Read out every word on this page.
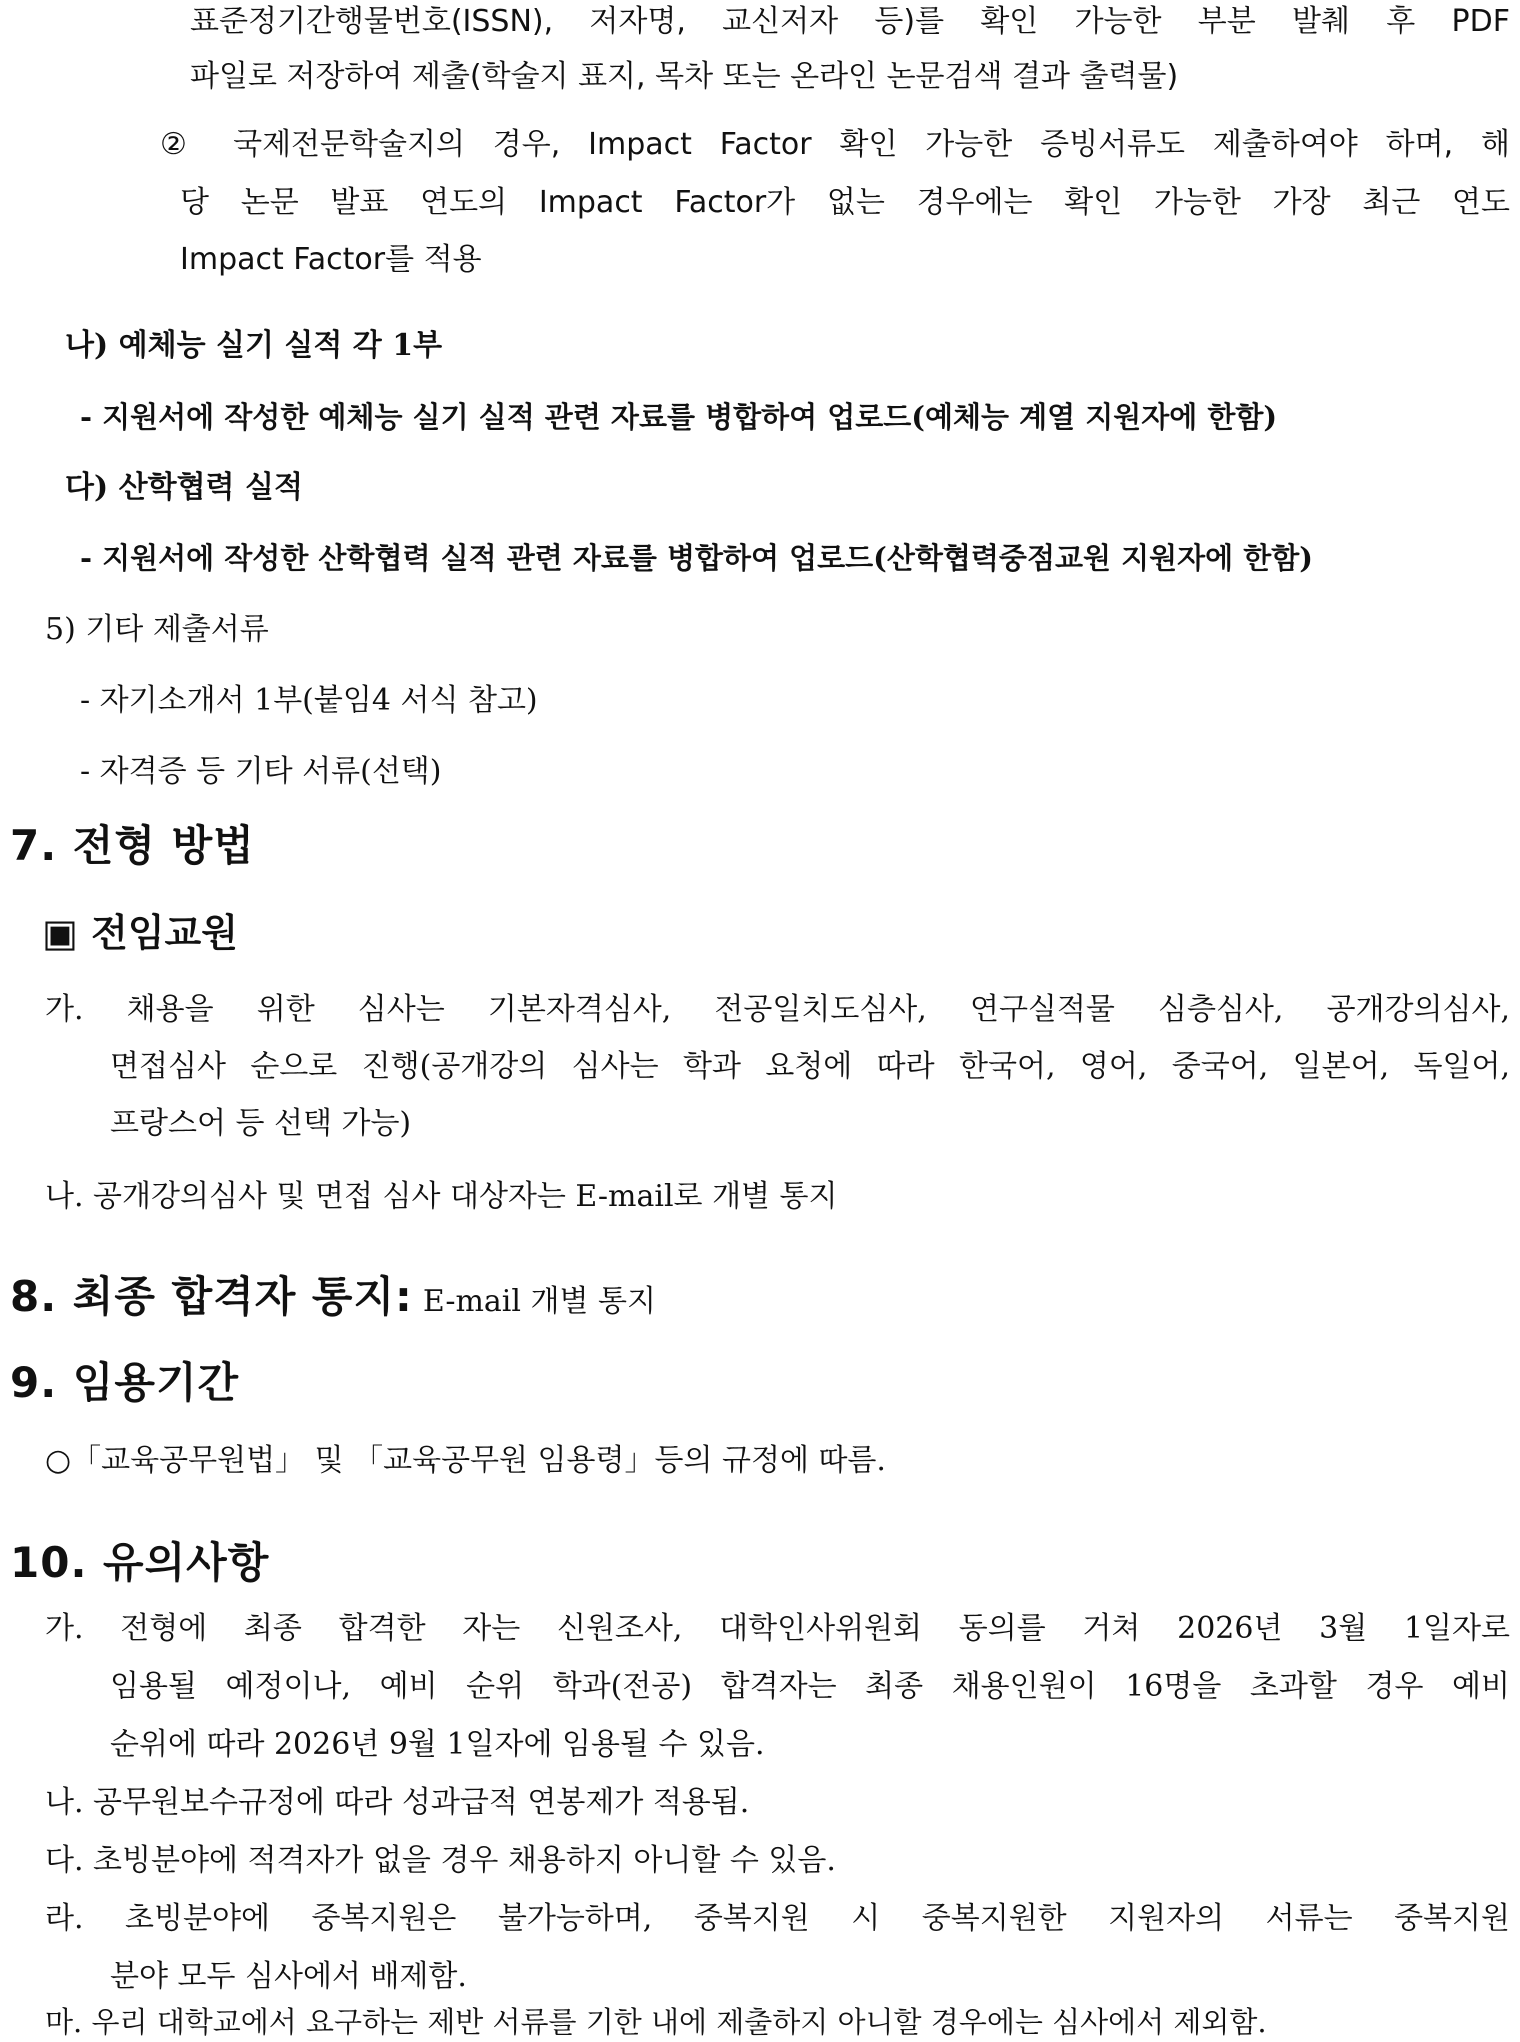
표준정기간행물번호(ISSN), 저자명, 교신저자 등)를 확인 가능한 부분 발췌 후 PDF
파일로 저장하여 제출(학술지 표지, 목차 또는 온라인 논문검색 결과 출력물)
② 국제전문학술지의 경우, Impact Factor 확인 가능한 증빙서류도 제출하여야 하며, 해
당 논문 발표 연도의 Impact Factor가 없는 경우에는 확인 가능한 가장 최근 연도
Impact Factor를 적용
나) 예체능 실기 실적 각 1부
- 지원서에 작성한 예체능 실기 실적 관련 자료를 병합하여 업로드(예체능 계열 지원자에 한함)
다) 산학협력 실적
- 지원서에 작성한 산학협력 실적 관련 자료를 병합하여 업로드(산학협력중점교원 지원자에 한함)
5) 기타 제출서류
- 자기소개서 1부(붙임4 서식 참고)
- 자격증 등 기타 서류(선택)
7. 전형 방법
▣ 전임교원
가. 채용을 위한 심사는 기본자격심사, 전공일치도심사, 연구실적물 심층심사, 공개강의심사,
면접심사 순으로 진행(공개강의 심사는 학과 요청에 따라 한국어, 영어, 중국어, 일본어, 독일어,
프랑스어 등 선택 가능)
나. 공개강의심사 및 면접 심사 대상자는 E-mail로 개별 통지
8. 최종 합격자 통지: E-mail 개별 통지
9. 임용기간
○「교육공무원법」 및 「교육공무원 임용령」등의 규정에 따름.
10. 유의사항
가. 전형에 최종 합격한 자는 신원조사, 대학인사위원회 동의를 거쳐 2026년 3월 1일자로
임용될 예정이나, 예비 순위 학과(전공) 합격자는 최종 채용인원이 16명을 초과할 경우 예비
순위에 따라 2026년 9월 1일자에 임용될 수 있음.
나. 공무원보수규정에 따라 성과급적 연봉제가 적용됨.
다. 초빙분야에 적격자가 없을 경우 채용하지 아니할 수 있음.
라. 초빙분야에 중복지원은 불가능하며, 중복지원 시 중복지원한 지원자의 서류는 중복지원
분야 모두 심사에서 배제함.
마. 우리 대학교에서 요구하는 제반 서류를 기한 내에 제출하지 아니할 경우에는 심사에서 제외함.
